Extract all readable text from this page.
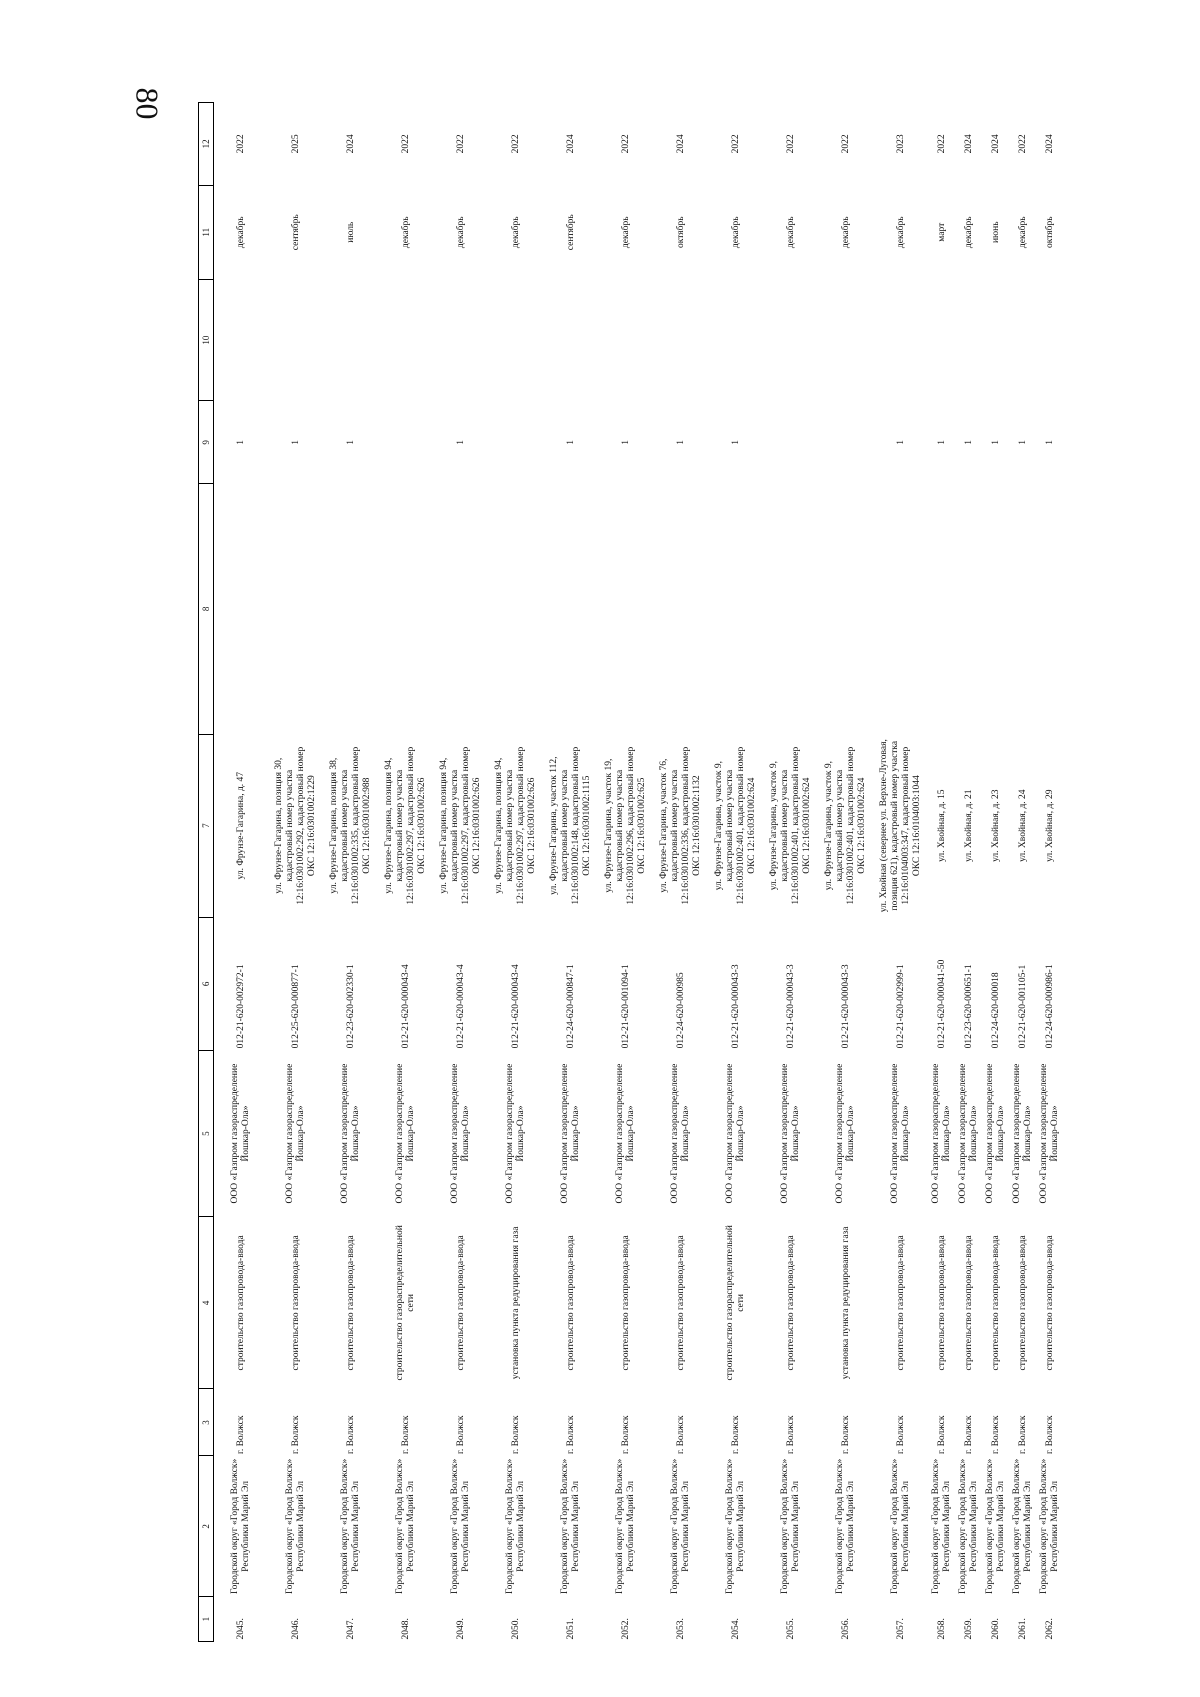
80
1	2	3	4	5	6	7	8	9	10	11	12
2045.	Городской округ «Город Волжск» Республики Марий Эл	г. Волжск	строительство газопровода-ввода	ООО «Газпром газораспределение Йошкар-Ола»	012-21-620-002972-1	ул. Фрунзе-Гагарина, д. 47		1		декабрь	2022
2046.	Городской округ «Город Волжск» Республики Марий Эл	г. Волжск	строительство газопровода-ввода	ООО «Газпром газораспределение Йошкар-Ола»	012-25-620-000877-1	ул. Фрунзе-Гагарина, позиция 30, кадастровый номер участка 12:16:0301002:292, кадастровый номер ОКС 12:16:0301002:1229		1		сентябрь	2025
2047.	Городской округ «Город Волжск» Республики Марий Эл	г. Волжск	строительство газопровода-ввода	ООО «Газпром газораспределение Йошкар-Ола»	012-23-620-002330-1	ул. Фрунзе-Гагарина, позиция 38, кадастровый номер участка 12:16:0301002:335, кадастровый номер ОКС 12:16:0301002:988		1		июль	2024
2048.	Городской округ «Город Волжск» Республики Марий Эл	г. Волжск	строительство газораспределительной сети	ООО «Газпром газораспределение Йошкар-Ола»	012-21-620-000043-4	ул. Фрунзе-Гагарина, позиция 94, кадастровый номер участка 12:16:0301002:297, кадастровый номер ОКС 12:16:0301002:626				декабрь	2022
2049.	Городской округ «Город Волжск» Республики Марий Эл	г. Волжск	строительство газопровода-ввода	ООО «Газпром газораспределение Йошкар-Ола»	012-21-620-000043-4	ул. Фрунзе-Гагарина, позиция 94, кадастровый номер участка 12:16:0301002:297, кадастровый номер ОКС 12:16:0301002:626		1		декабрь	2022
2050.	Городской округ «Город Волжск» Республики Марий Эл	г. Волжск	установка пункта редуцирования газа	ООО «Газпром газораспределение Йошкар-Ола»	012-21-620-000043-4	ул. Фрунзе-Гагарина, позиция 94, кадастровый номер участка 12:16:0301002:297, кадастровый номер ОКС 12:16:0301002:626				декабрь	2022
2051.	Городской округ «Город Волжск» Республики Марий Эл	г. Волжск	строительство газопровода-ввода	ООО «Газпром газораспределение Йошкар-Ола»	012-24-620-000847-1	ул. Фрунзе-Гагарина, участок 112, кадастровый номер участка 12:16:0301002:148, кадастровый номер ОКС 12:16:0301002:1115		1		сентябрь	2024
2052.	Городской округ «Город Волжск» Республики Марий Эл	г. Волжск	строительство газопровода-ввода	ООО «Газпром газораспределение Йошкар-Ола»	012-21-620-001094-1	ул. Фрунзе-Гагарина, участок 19, кадастровый номер участка 12:16:0301002:296, кадастровый номер ОКС 12:16:0301002:625		1		декабрь	2022
2053.	Городской округ «Город Волжск» Республики Марий Эл	г. Волжск	строительство газопровода-ввода	ООО «Газпром газораспределение Йошкар-Ола»	012-24-620-000985	ул. Фрунзе-Гагарина, участок 76, кадастровый номер участка 12:16:0301002:336, кадастровый номер ОКС 12:16:0301002:1132		1		октябрь	2024
2054.	Городской округ «Город Волжск» Республики Марий Эл	г. Волжск	строительство газораспределительной сети	ООО «Газпром газораспределение Йошкар-Ола»	012-21-620-000043-3	ул. Фрунзе-Гагарина, участок 9, кадастровый номер участка 12:16:0301002:401, кадастровый номер ОКС 12:16:0301002:624		1		декабрь	2022
2055.	Городской округ «Город Волжск» Республики Марий Эл	г. Волжск	строительство газопровода-ввода	ООО «Газпром газораспределение Йошкар-Ола»	012-21-620-000043-3	ул. Фрунзе-Гагарина, участок 9, кадастровый номер участка 12:16:0301002:401, кадастровый номер ОКС 12:16:0301002:624				декабрь	2022
2056.	Городской округ «Город Волжск» Республики Марий Эл	г. Волжск	установка пункта редуцирования газа	ООО «Газпром газораспределение Йошкар-Ола»	012-21-620-000043-3	ул. Фрунзе-Гагарина, участок 9, кадастровый номер участка 12:16:0301002:401, кадастровый номер ОКС 12:16:0301002:624				декабрь	2022
2057.	Городской округ «Город Волжск» Республики Марий Эл	г. Волжск	строительство газопровода-ввода	ООО «Газпром газораспределение Йошкар-Ола»	012-21-620-002999-1	ул. Хвойная (севернее ул. Верхне-Луговая, позиция 621), кадастровый номер участка 12:16:0104003:347, кадастровый номер ОКС 12:16:0104003:1044		1		декабрь	2023
2058.	Городской округ «Город Волжск» Республики Марий Эл	г. Волжск	строительство газопровода-ввода	ООО «Газпром газораспределение Йошкар-Ола»	012-21-620-000041-50	ул. Хвойная, д. 15		1		март	2022
2059.	Городской округ «Город Волжск» Республики Марий Эл	г. Волжск	строительство газопровода-ввода	ООО «Газпром газораспределение Йошкар-Ола»	012-23-620-000651-1	ул. Хвойная, д. 21		1		декабрь	2024
2060.	Городской округ «Город Волжск» Республики Марий Эл	г. Волжск	строительство газопровода-ввода	ООО «Газпром газораспределение Йошкар-Ола»	012-24-620-000018	ул. Хвойная, д. 23		1		июнь	2024
2061.	Городской округ «Город Волжск» Республики Марий Эл	г. Волжск	строительство газопровода-ввода	ООО «Газпром газораспределение Йошкар-Ола»	012-21-620-001105-1	ул. Хвойная, д. 24		1		декабрь	2022
2062.	Городской округ «Город Волжск» Республики Марий Эл	г. Волжск	строительство газопровода-ввода	ООО «Газпром газораспределение Йошкар-Ола»	012-24-620-000986-1	ул. Хвойная, д. 29		1		октябрь	2024
